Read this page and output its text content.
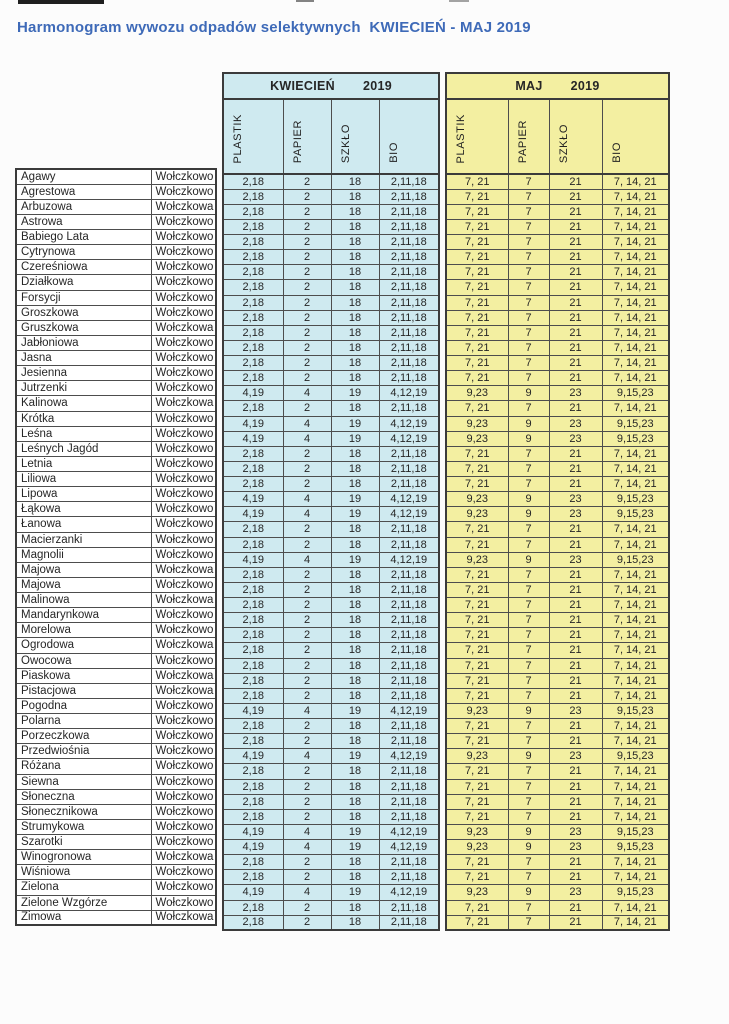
Harmonogram wywozu odpadów selektywnych  KWIECIEŃ - MAJ 2019
Agawy	Wołczkowo
Agrestowa	Wołczkowo
Arbuzowa	Wołczkowa
Astrowa	Wołczkowo
Babiego Lata	Wołczkowo
Cytrynowa	Wołczkowo
Czereśniowa	Wołczkowo
Działkowa	Wołczkowo
Forsycji	Wołczkowo
Groszkowa	Wołczkowo
Gruszkowa	Wołczkowa
Jabłoniowa	Wołczkowo
Jasna	Wołczkowo
Jesienna	Wołczkowo
Jutrzenki	Wołczkowo
Kalinowa	Wołczkowa
Krótka	Wołczkowo
Leśna	Wołczkowo
Leśnych Jagód	Wołczkowo
Letnia	Wołczkowo
Liliowa	Wołczkowo
Lipowa	Wołczkowo
Łąkowa	Wołczkowo
Łanowa	Wołczkowo
Macierzanki	Wołczkowo
Magnolii	Wołczkowo
Majowa	Wołczkowa
Majowa	Wołczkowo
Malinowa	Wołczkowa
Mandarynkowa	Wołczkowo
Morelowa	Wołczkowo
Ogrodowa	Wołczkowa
Owocowa	Wołczkowo
Piaskowa	Wołczkowa
Pistacjowa	Wołczkowa
Pogodna	Wołczkowo
Polarna	Wołczkowo
Porzeczkowa	Wołczkowo
Przedwiośnia	Wołczkowo
Różana	Wołczkowo
Siewna	Wołczkowo
Słoneczna	Wołczkowo
Słonecznikowa	Wołczkowo
Strumykowa	Wołczkowo
Szarotki	Wołczkowo
Winogronowa	Wołczkowa
Wiśniowa	Wołczkowo
Zielona	Wołczkowo
Zielone Wzgórze	Wołczkowo
Zimowa	Wołczkowa
KWIECIEŃ 2019			
PLASTIK	PAPIER	SZKŁO	BIO
2,18	2	18	2,11,18
2,18	2	18	2,11,18
2,18	2	18	2,11,18
2,18	2	18	2,11,18
2,18	2	18	2,11,18
2,18	2	18	2,11,18
2,18	2	18	2,11,18
2,18	2	18	2,11,18
2,18	2	18	2,11,18
2,18	2	18	2,11,18
2,18	2	18	2,11,18
2,18	2	18	2,11,18
2,18	2	18	2,11,18
2,18	2	18	2,11,18
4,19	4	19	4,12,19
2,18	2	18	2,11,18
4,19	4	19	4,12,19
4,19	4	19	4,12,19
2,18	2	18	2,11,18
2,18	2	18	2,11,18
2,18	2	18	2,11,18
4,19	4	19	4,12,19
4,19	4	19	4,12,19
2,18	2	18	2,11,18
2,18	2	18	2,11,18
4,19	4	19	4,12,19
2,18	2	18	2,11,18
2,18	2	18	2,11,18
2,18	2	18	2,11,18
2,18	2	18	2,11,18
2,18	2	18	2,11,18
2,18	2	18	2,11,18
2,18	2	18	2,11,18
2,18	2	18	2,11,18
2,18	2	18	2,11,18
4,19	4	19	4,12,19
2,18	2	18	2,11,18
2,18	2	18	2,11,18
4,19	4	19	4,12,19
2,18	2	18	2,11,18
2,18	2	18	2,11,18
2,18	2	18	2,11,18
2,18	2	18	2,11,18
4,19	4	19	4,12,19
4,19	4	19	4,12,19
2,18	2	18	2,11,18
2,18	2	18	2,11,18
4,19	4	19	4,12,19
2,18	2	18	2,11,18
2,18	2	18	2,11,18
MAJ 2019			
PLASTIK	PAPIER	SZKŁO	BIO
7, 21	7	21	7, 14, 21
7, 21	7	21	7, 14, 21
7, 21	7	21	7, 14, 21
7, 21	7	21	7, 14, 21
7, 21	7	21	7, 14, 21
7, 21	7	21	7, 14, 21
7, 21	7	21	7, 14, 21
7, 21	7	21	7, 14, 21
7, 21	7	21	7, 14, 21
7, 21	7	21	7, 14, 21
7, 21	7	21	7, 14, 21
7, 21	7	21	7, 14, 21
7, 21	7	21	7, 14, 21
7, 21	7	21	7, 14, 21
9,23	9	23	9,15,23
7, 21	7	21	7, 14, 21
9,23	9	23	9,15,23
9,23	9	23	9,15,23
7, 21	7	21	7, 14, 21
7, 21	7	21	7, 14, 21
7, 21	7	21	7, 14, 21
9,23	9	23	9,15,23
9,23	9	23	9,15,23
7, 21	7	21	7, 14, 21
7, 21	7	21	7, 14, 21
9,23	9	23	9,15,23
7, 21	7	21	7, 14, 21
7, 21	7	21	7, 14, 21
7, 21	7	21	7, 14, 21
7, 21	7	21	7, 14, 21
7, 21	7	21	7, 14, 21
7, 21	7	21	7, 14, 21
7, 21	7	21	7, 14, 21
7, 21	7	21	7, 14, 21
7, 21	7	21	7, 14, 21
9,23	9	23	9,15,23
7, 21	7	21	7, 14, 21
7, 21	7	21	7, 14, 21
9,23	9	23	9,15,23
7, 21	7	21	7, 14, 21
7, 21	7	21	7, 14, 21
7, 21	7	21	7, 14, 21
7, 21	7	21	7, 14, 21
9,23	9	23	9,15,23
9,23	9	23	9,15,23
7, 21	7	21	7, 14, 21
7, 21	7	21	7, 14, 21
9,23	9	23	9,15,23
7, 21	7	21	7, 14, 21
7, 21	7	21	7, 14, 21
